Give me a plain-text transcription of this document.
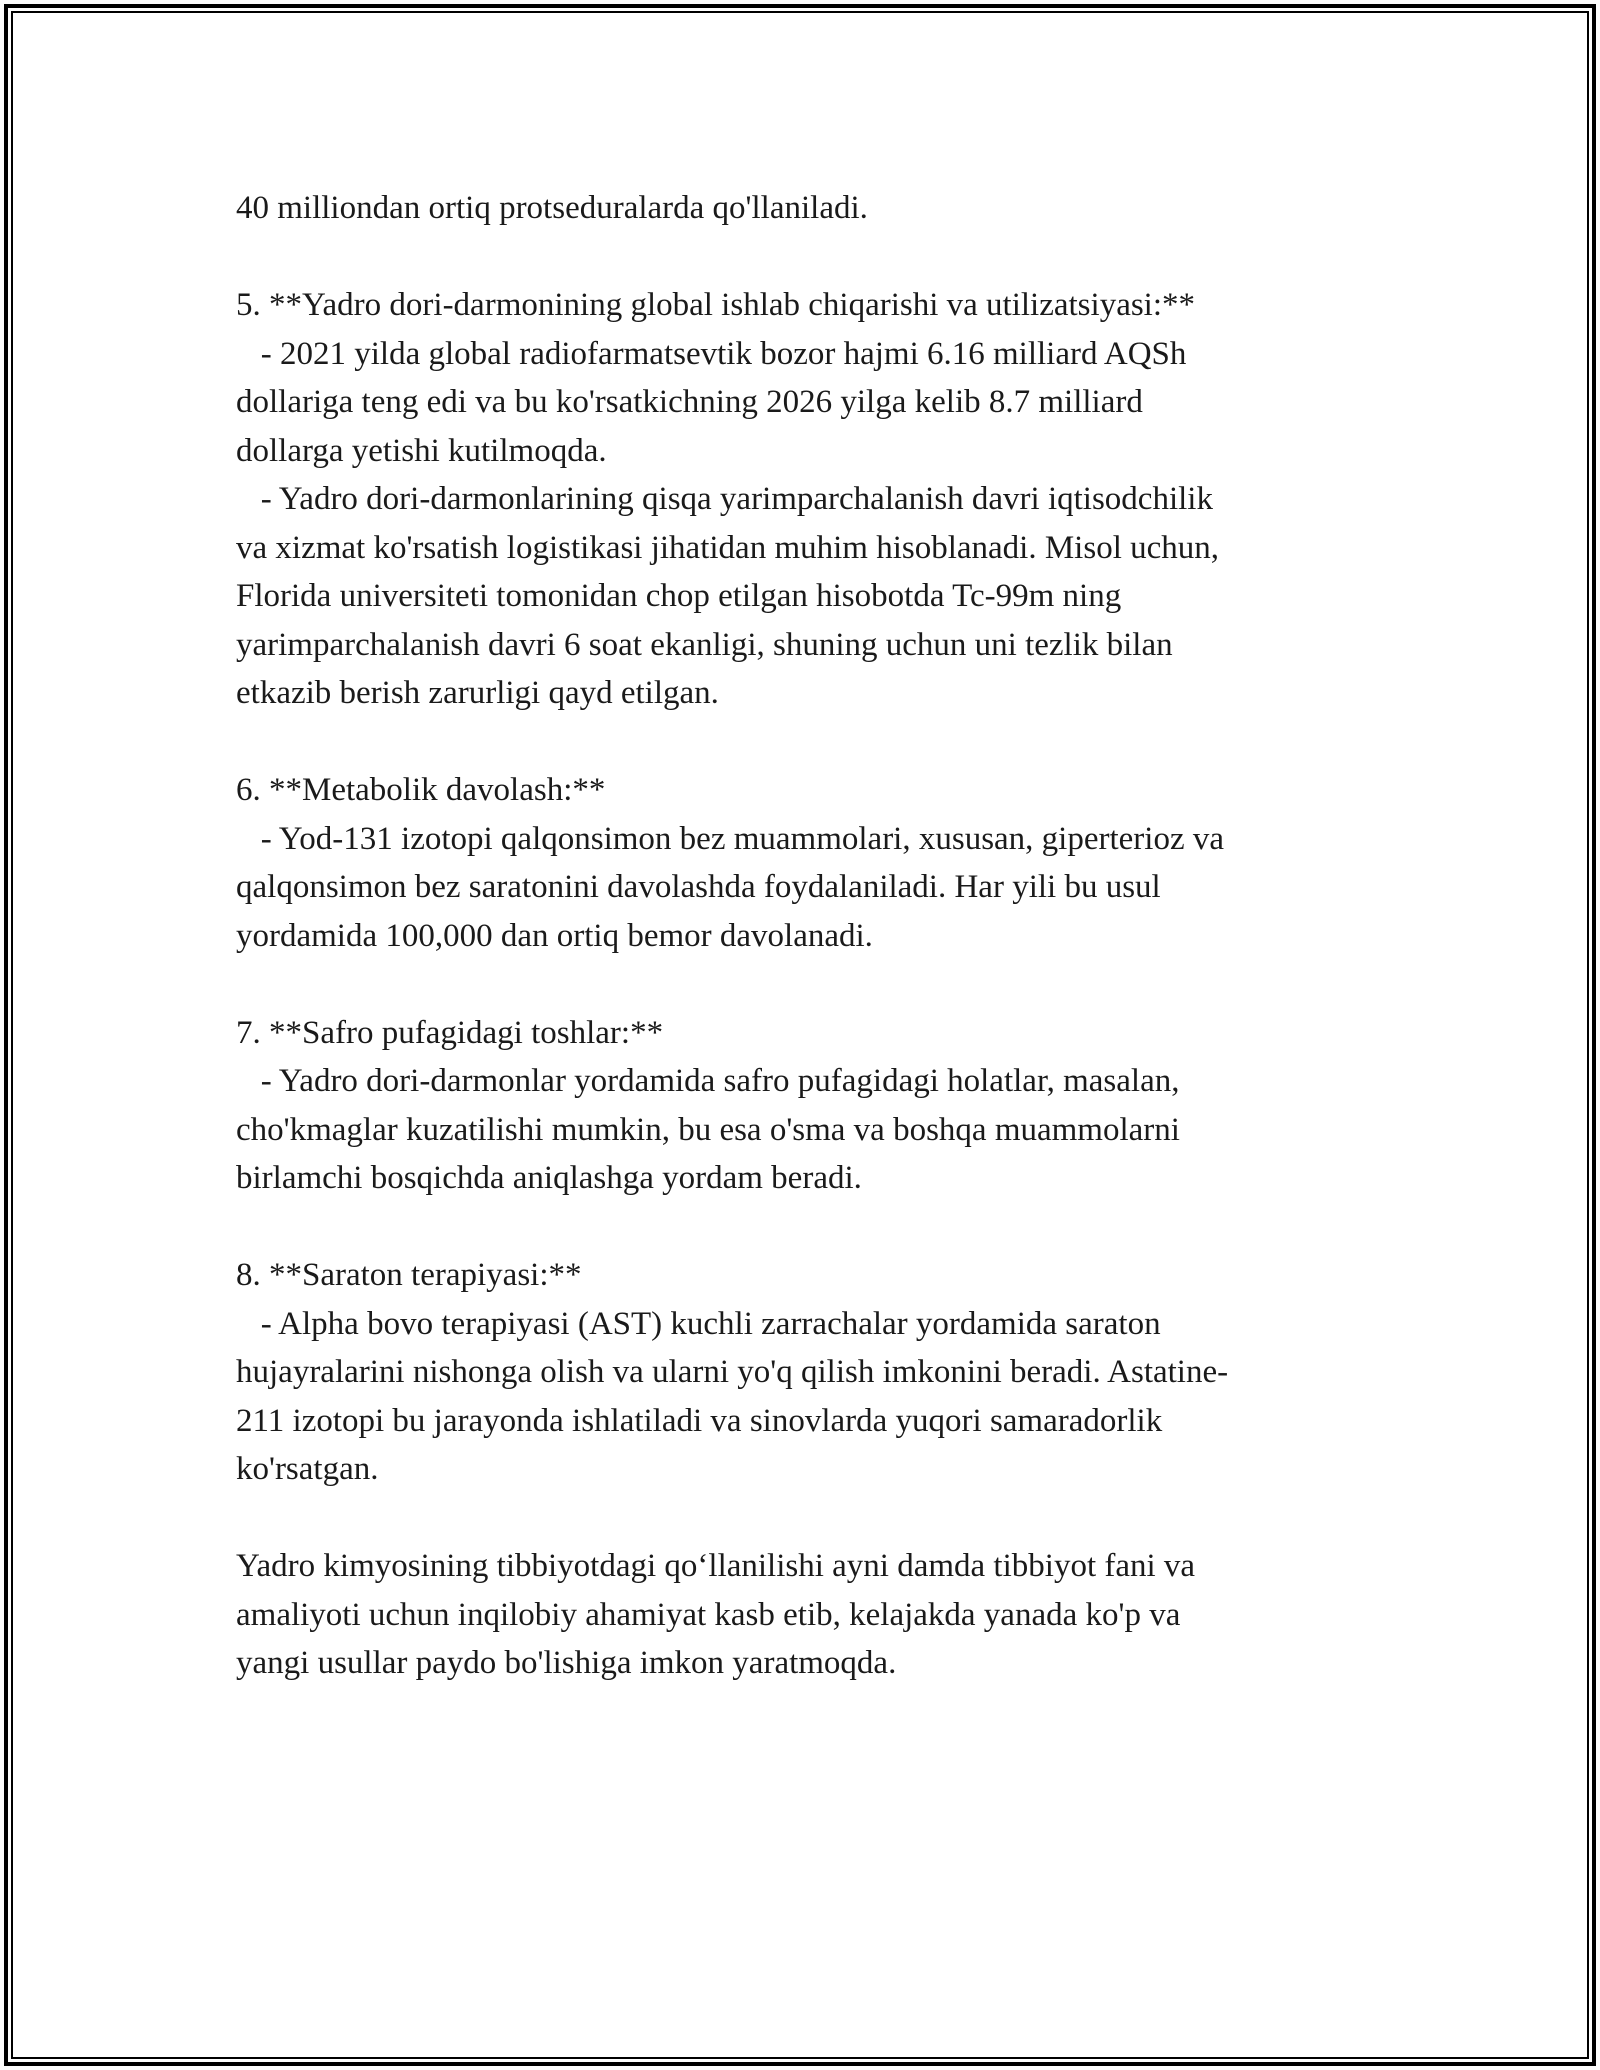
40 milliondan ortiq protseduralarda qo'llaniladi.
5. **Yadro dori-darmonining global ishlab chiqarishi va utilizatsiyasi:**
- 2021 yilda global radiofarmatsevtik bozor hajmi 6.16 milliard AQSh
dollariga teng edi va bu ko'rsatkichning 2026 yilga kelib 8.7 milliard
dollarga yetishi kutilmoqda.
- Yadro dori-darmonlarining qisqa yarimparchalanish davri iqtisodchilik
va xizmat ko'rsatish logistikasi jihatidan muhim hisoblanadi. Misol uchun,
Florida universiteti tomonidan chop etilgan hisobotda Tc-99m ning
yarimparchalanish davri 6 soat ekanligi, shuning uchun uni tezlik bilan
etkazib berish zarurligi qayd etilgan.
6. **Metabolik davolash:**
- Yod-131 izotopi qalqonsimon bez muammolari, xususan, giperterioz va
qalqonsimon bez saratonini davolashda foydalaniladi. Har yili bu usul
yordamida 100,000 dan ortiq bemor davolanadi.
7. **Safro pufagidagi toshlar:**
- Yadro dori-darmonlar yordamida safro pufagidagi holatlar, masalan,
cho'kmaglar kuzatilishi mumkin, bu esa o'sma va boshqa muammolarni
birlamchi bosqichda aniqlashga yordam beradi.
8. **Saraton terapiyasi:**
- Alpha bovo terapiyasi (AST) kuchli zarrachalar yordamida saraton
hujayralarini nishonga olish va ularni yo'q qilish imkonini beradi. Astatine-
211 izotopi bu jarayonda ishlatiladi va sinovlarda yuqori samaradorlik
ko'rsatgan.
Yadro kimyosining tibbiyotdagi qo‘llanilishi ayni damda tibbiyot fani va
amaliyoti uchun inqilobiy ahamiyat kasb etib, kelajakda yanada ko'p va
yangi usullar paydo bo'lishiga imkon yaratmoqda.
